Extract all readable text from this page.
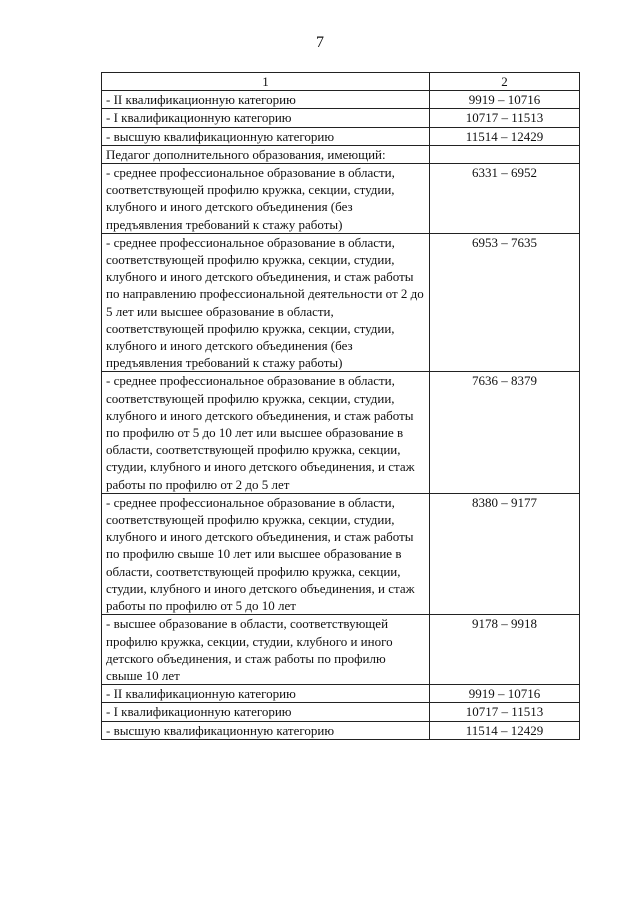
7
1	2
- II квалификационную категорию	9919 – 10716
- I квалификационную категорию	10717 – 11513
- высшую квалификационную категорию	11514 – 12429
Педагог дополнительного образования, имеющий:	
- среднее профессиональное образование в области, соответствующей профилю кружка, секции, студии, клубного и иного детского объединения (без предъявления требований к стажу работы)	6331 – 6952
- среднее профессиональное образование в области, соответствующей профилю кружка, секции, студии, клубного и иного детского объединения, и стаж работы по направлению профессиональной деятельности от 2 до 5 лет или высшее образование в области, соответствующей профилю кружка, секции, студии, клубного и иного детского объединения (без предъявления требований к стажу работы)	6953 – 7635
- среднее профессиональное образование в области, соответствующей профилю кружка, секции, студии, клубного и иного детского объединения, и стаж работы по профилю от 5 до 10 лет или высшее образование в области, соответствующей профилю кружка, секции, студии, клубного и иного детского объединения, и стаж работы по профилю от 2 до 5 лет	7636 – 8379
- среднее профессиональное образование в области, соответствующей профилю кружка, секции, студии, клубного и иного детского объединения, и стаж работы по профилю свыше 10 лет или высшее образование в области, соответствующей профилю кружка, секции, студии, клубного и иного детского объединения, и стаж работы по профилю от 5 до 10 лет	8380 – 9177
- высшее образование в области, соответствующей профилю кружка, секции, студии, клубного и иного детского объединения, и стаж работы по профилю свыше 10 лет	9178 – 9918
- II квалификационную категорию	9919 – 10716
- I квалификационную категорию	10717 – 11513
- высшую квалификационную категорию	11514 – 12429
